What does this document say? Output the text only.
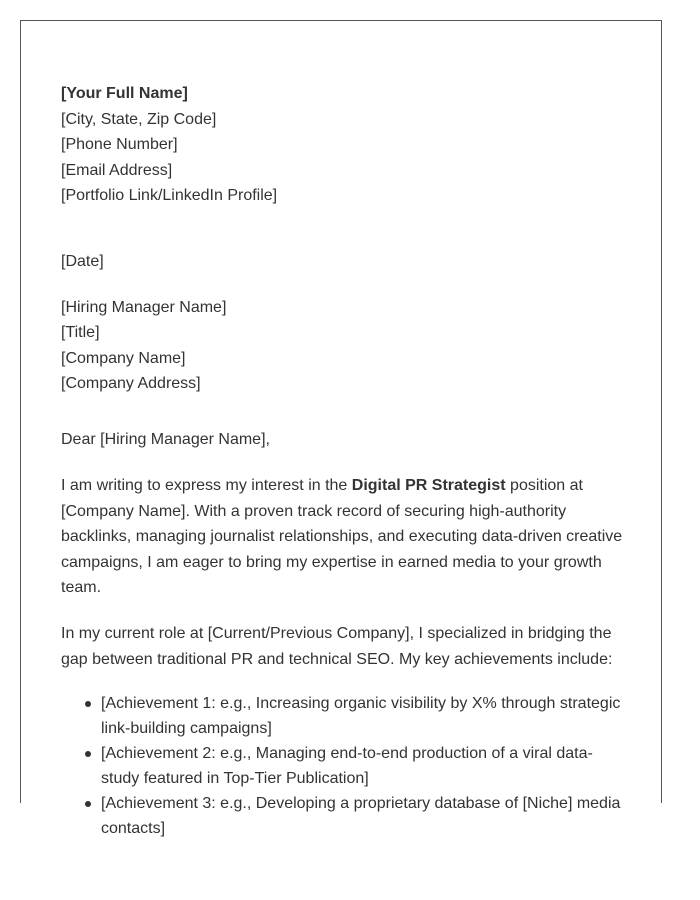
[Your Full Name]
[City, State, Zip Code]
[Phone Number]
[Email Address]
[Portfolio Link/LinkedIn Profile]
[Date]
[Hiring Manager Name]
[Title]
[Company Name]
[Company Address]
Dear [Hiring Manager Name],
I am writing to express my interest in the Digital PR Strategist position at [Company Name]. With a proven track record of securing high-authority backlinks, managing journalist relationships, and executing data-driven creative campaigns, I am eager to bring my expertise in earned media to your growth team.
In my current role at [Current/Previous Company], I specialized in bridging the gap between traditional PR and technical SEO. My key achievements include:
[Achievement 1: e.g., Increasing organic visibility by X% through strategic link-building campaigns]
[Achievement 2: e.g., Managing end-to-end production of a viral data-study featured in Top-Tier Publication]
[Achievement 3: e.g., Developing a proprietary database of [Niche] media contacts]
